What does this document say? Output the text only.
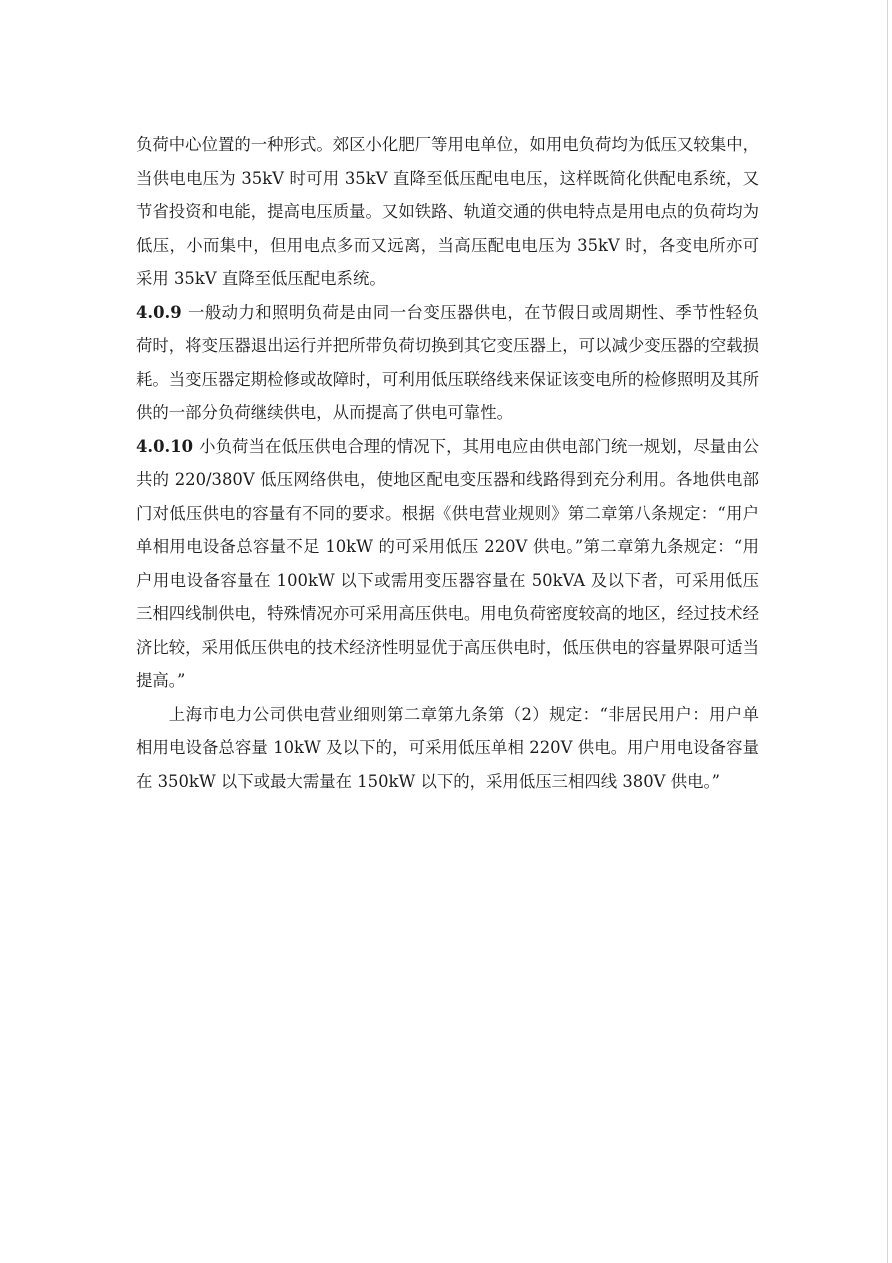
负荷中心位置的一种形式。郊区小化肥厂等用电单位，如用电负荷均为低压又较集中，当供电电压为 35kV 时可用 35kV 直降至低压配电电压，这样既简化供配电系统，又节省投资和电能，提高电压质量。又如铁路、轨道交通的供电特点是用电点的负荷均为低压，小而集中，但用电点多而又远离，当高压配电电压为 35kV 时，各变电所亦可采用 35kV 直降至低压配电系统。

4.0.9 一般动力和照明负荷是由同一台变压器供电，在节假日或周期性、季节性轻负荷时，将变压器退出运行并把所带负荷切换到其它变压器上，可以减少变压器的空载损耗。当变压器定期检修或故障时，可利用低压联络线来保证该变电所的检修照明及其所供的一部分负荷继续供电，从而提高了供电可靠性。

4.0.10 小负荷当在低压供电合理的情况下，其用电应由供电部门统一规划，尽量由公共的 220/380V 低压网络供电，使地区配电变压器和线路得到充分利用。各地供电部门对低压供电的容量有不同的要求。根据《供电营业规则》第二章第八条规定：“用户单相用电设备总容量不足 10kW 的可采用低压 220V 供电。”第二章第九条规定：“用户用电设备容量在 100kW 以下或需用变压器容量在 50kVA 及以下者，可采用低压三相四线制供电，特殊情况亦可采用高压供电。用电负荷密度较高的地区，经过技术经济比较，采用低压供电的技术经济性明显优于高压供电时，低压供电的容量界限可适当提高。”

上海市电力公司供电营业细则第二章第九条第（2）规定：“非居民用户：用户单相用电设备总容量 10kW 及以下的，可采用低压单相 220V 供电。用户用电设备容量在 350kW 以下或最大需量在 150kW 以下的，采用低压三相四线 380V 供电。”
